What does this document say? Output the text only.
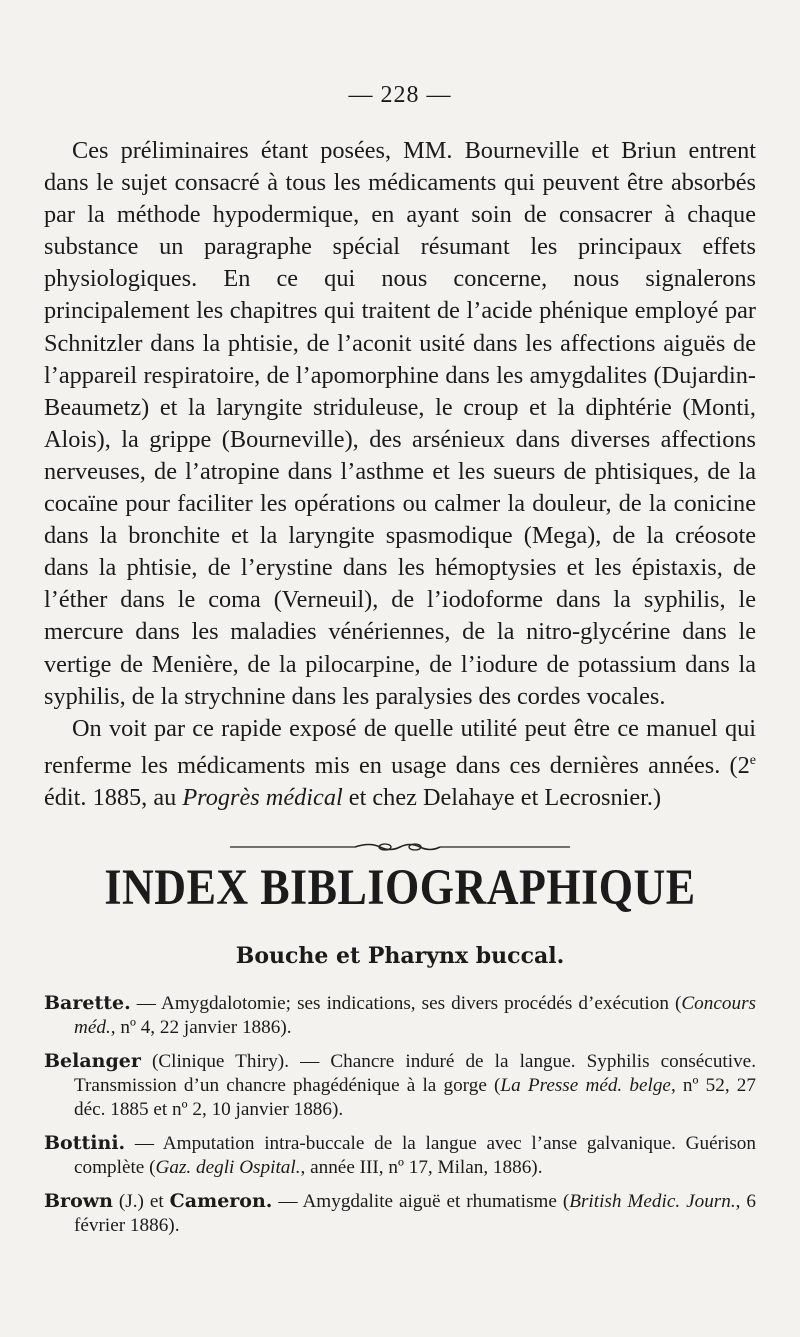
— 228 —

Ces préliminaires étant posées, MM. Bourneville et Briun entrent dans le sujet consacré à tous les médicaments qui peuvent être absorbés par la méthode hypodermique, en ayant soin de consacrer à chaque substance un paragraphe spécial résumant les principaux effets physiologiques. En ce qui nous concerne, nous signalerons principalement les chapitres qui traitent de l’acide phénique employé par Schnitzler dans la phtisie, de l’aconit usité dans les affections aiguës de l’appareil respiratoire, de l’apomorphine dans les amygdalites (Dujardin-Beaumetz) et la laryngite striduleuse, le croup et la diphtérie (Monti, Alois), la grippe (Bourneville), des arsénieux dans diverses affections nerveuses, de l’atropine dans l’asthme et les sueurs de phtisiques, de la cocaïne pour faciliter les opérations ou calmer la douleur, de la conicine dans la bronchite et la laryngite spasmodique (Mega), de la créosote dans la phtisie, de l’erystine dans les hémoptysies et les épistaxis, de l’éther dans le coma (Verneuil), de l’iodoforme dans la syphilis, le mercure dans les maladies vénériennes, de la nitro-glycérine dans le vertige de Menière, de la pilocarpine, de l’iodure de potassium dans la syphilis, de la strychnine dans les paralysies des cordes vocales.

On voit par ce rapide exposé de quelle utilité peut être ce manuel qui renferme les médicaments mis en usage dans ces dernières années. (2e édit. 1885, au Progrès médical et chez Delahaye et Lecrosnier.)

INDEX BIBLIOGRAPHIQUE
Bouche et Pharynx buccal.
Barette. — Amygdalotomie; ses indications, ses divers procédés d’exécution (Concours méd., nº 4, 22 janvier 1886).
Belanger (Clinique Thiry). — Chancre induré de la langue. Syphilis consécutive. Transmission d’un chancre phagédénique à la gorge (La Presse méd. belge, nº 52, 27 déc. 1885 et nº 2, 10 janvier 1886).
Bottini. — Amputation intra-buccale de la langue avec l’anse galvanique. Guérison complète (Gaz. degli Ospital., année III, nº 17, Milan, 1886).
Brown (J.) et Cameron. — Amygdalite aiguë et rhumatisme (British Medic. Journ., 6 février 1886).
